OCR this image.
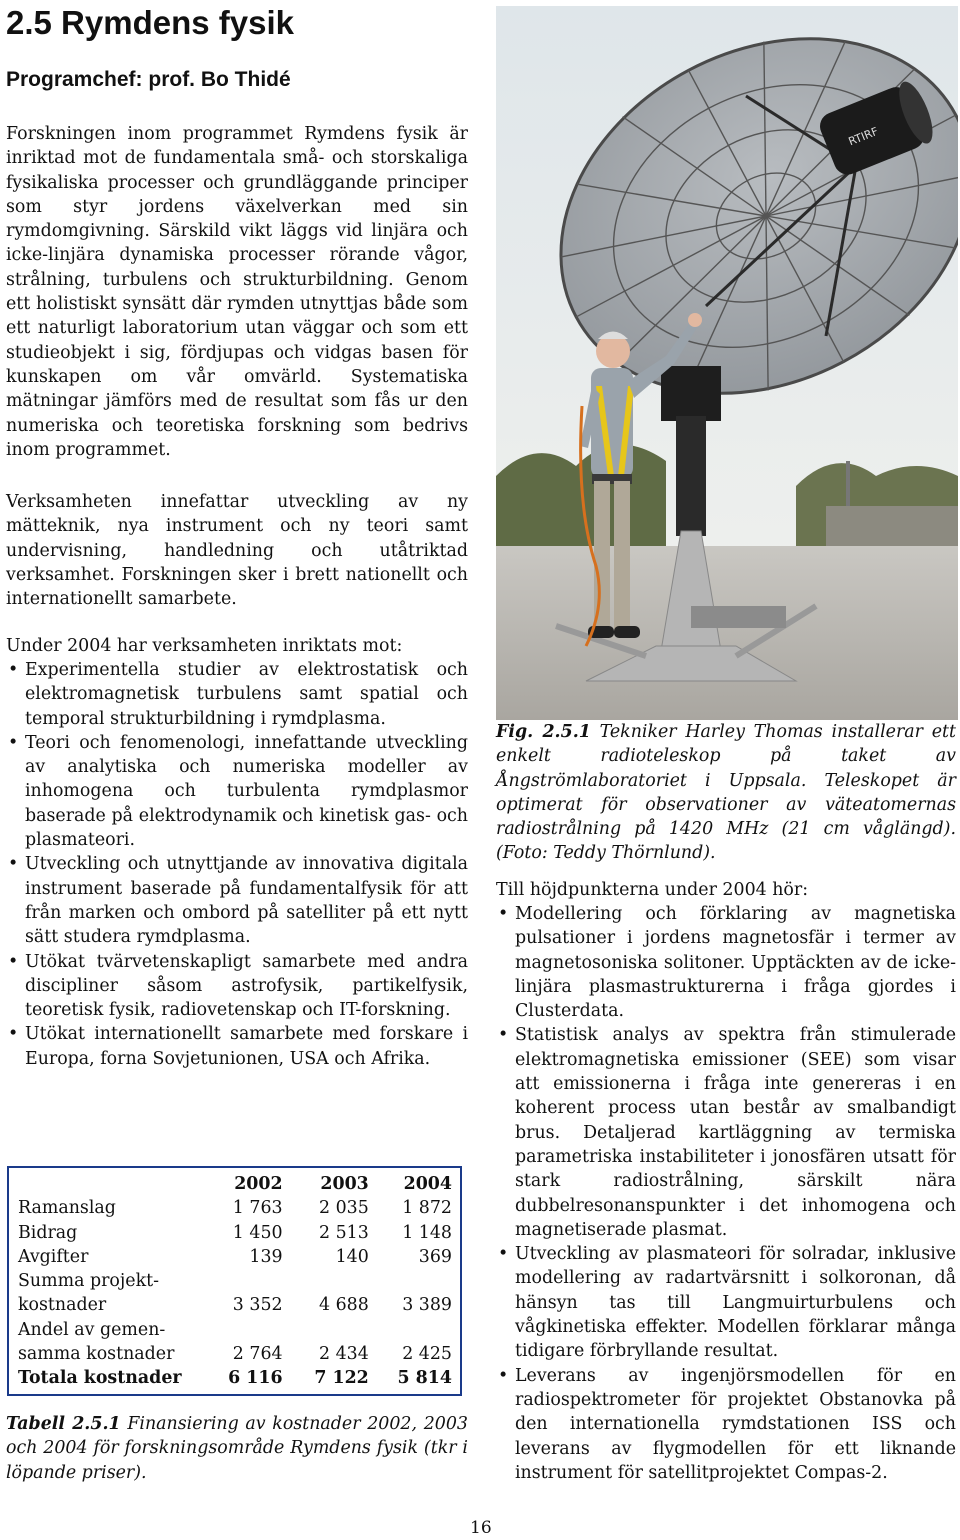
2.5 Rymdens fysik
Programchef: prof. Bo Thidé

Forskningen inom programmet Rymdens fysik är inriktad mot de fundamentala små- och storskaliga fysikaliska processer och grundläggande principer som styr jordens växelverkan med sin rymdomgivning. Särskild vikt läggs vid linjära och icke-linjära dynamiska processer rörande vågor, strålning, turbulens och strukturbildning. Genom ett holistiskt synsätt där rymden utnyttjas både som ett naturligt laboratorium utan väggar och som ett studieobjekt i sig, fördjupas och vidgas basen för kunskapen om vår omvärld. Systematiska mätningar jämförs med de resultat som fås ur den numeriska och teoretiska forskning som bedrivs inom programmet.

Verksamheten innefattar utveckling av ny mätteknik, nya instrument och ny teori samt undervisning, handledning och utåtriktad verksamhet. Forskningen sker i brett nationellt och internationellt samarbete.

Under 2004 har verksamheten inriktats mot:

• Experimentella studier av elektrostatisk och elektromagnetisk turbulens samt spatial och temporal strukturbildning i rymdplasma.
• Teori och fenomenologi, innefattande utveckling av analytiska och numeriska modeller av inhomogena och turbulenta rymdplasmor baserade på elektrodynamik och kinetisk gas- och plasmateori.
• Utveckling och utnyttjande av innovativa digitala instrument baserade på fundamentalfysik för att från marken och ombord på satelliter på ett nytt sätt studera rymdplasma.
• Utökat tvärvetenskapligt samarbete med andra discipliner såsom astrofysik, partikelfysik, teoretisk fysik, radiovetenskap och IT-forskning.
• Utökat internationellt samarbete med forskare i Europa, forna Sovjetunionen, USA och Afrika.
RTIRF

Fig. 2.5.1 Tekniker Harley Thomas installerar ett enkelt radioteleskop på taket av Ångströmlaboratoriet i Uppsala. Teleskopet är optimerat för observationer av väteatomernas radiostrålning på 1420 MHz (21 cm våglängd). (Foto: Teddy Thörnlund).

Till höjdpunkterna under 2004 hör:

• Modellering och förklaring av magnetiska pulsationer i jordens magnetosfär i termer av magnetosoniska solitoner. Upptäckten av de icke-linjära plasmastrukturerna i fråga gjordes i Clusterdata.
• Statistisk analys av spektra från stimulerade elektromagnetiska emissioner (SEE) som visar att emissionerna i fråga inte genereras i en koherent process utan består av smalbandigt brus. Detaljerad kartläggning av termiska parametriska instabiliteter i jonosfären utsatt för stark radiostrålning, särskilt nära dubbelresonanspunkter i det inhomogena och magnetiserade plasmat.
• Utveckling av plasmateori för solradar, inklusive modellering av radartvärsnitt i solkoronan, då hänsyn tas till Langmuirturbulens och vågkinetiska effekter. Modellen förklarar många tidigare förbryllande resultat.
• Leverans av ingenjörsmodellen för en radiospektrometer för projektet Obstanovka på den internationella rymdstationen ISS och leverans av flygmodellen för ett liknande instrument för satellitprojektet Compas-2.
	2002	2003	2004
Ramanslag	1 763	2 035	1 872
Bidrag	1 450	2 513	1 148
Avgifter	139	140	369
Summa projekt-			
kostnader	3 352	4 688	3 389
Andel av gemen-			
samma kostnader	2 764	2 434	2 425
Totala kostnader	6 116	7 122	5 814

Tabell 2.5.1 Finansiering av kostnader 2002, 2003 och 2004 för forskningsområde Rymdens fysik (tkr i löpande priser).

16
